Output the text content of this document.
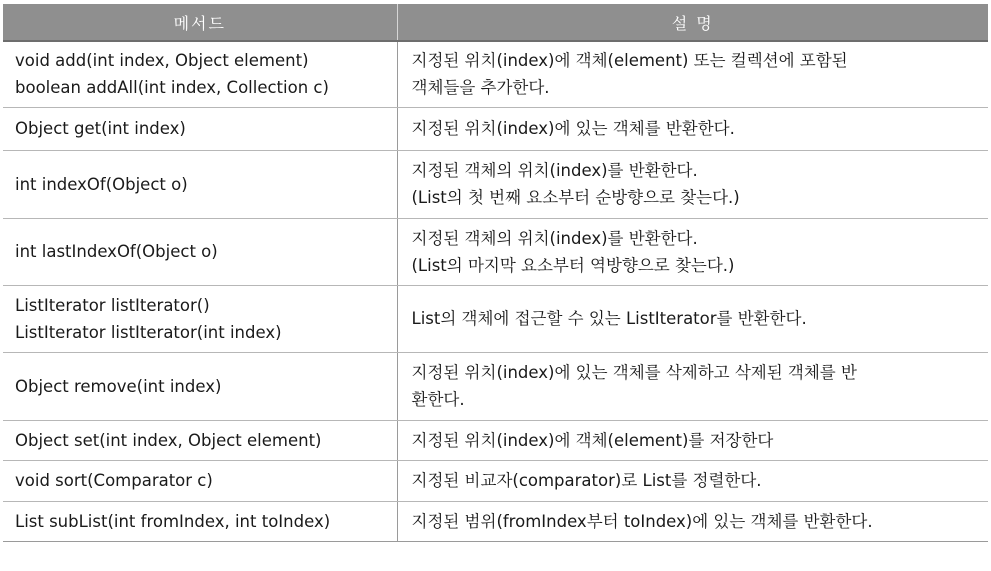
메서드	설 명

void add(int index, Object element)
boolean addAll(int index, Collection c)	지정된 위치(index)에 객체(element) 또는 컬렉션에 포함된
객체들을 추가한다.

Object get(int index)	지정된 위치(index)에 있는 객체를 반환한다.

int indexOf(Object o)	지정된 객체의 위치(index)를 반환한다.
(List의 첫 번째 요소부터 순방향으로 찾는다.)

int lastIndexOf(Object o)	지정된 객체의 위치(index)를 반환한다.
(List의 마지막 요소부터 역방향으로 찾는다.)

ListIterator listIterator()
ListIterator listIterator(int index)	List의 객체에 접근할 수 있는 ListIterator를 반환한다.

Object remove(int index)	지정된 위치(index)에 있는 객체를 삭제하고 삭제된 객체를 반
환한다.

Object set(int index, Object element)	지정된 위치(index)에 객체(element)를 저장한다

void sort(Comparator c)	지정된 비교자(comparator)로 List를 정렬한다.

List subList(int fromIndex, int toIndex)	지정된 범위(fromIndex부터 toIndex)에 있는 객체를 반환한다.
